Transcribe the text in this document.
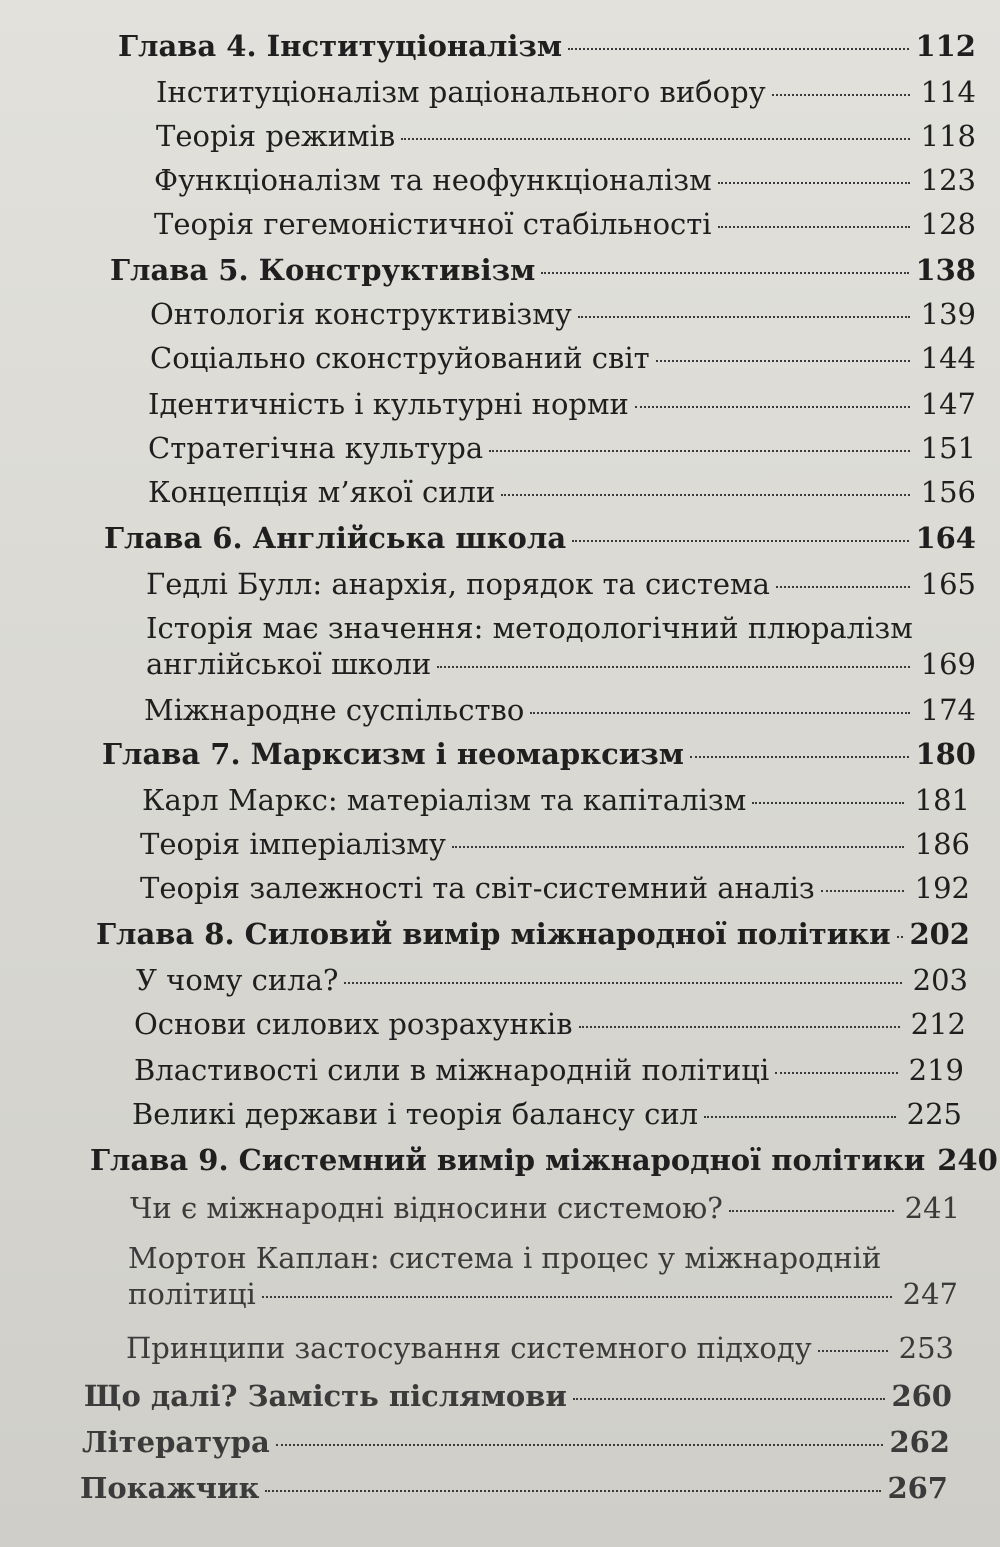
Глава 4. Інституціоналізм	112
Інституціоналізм раціонального вибору	114
Теорія режимів	118
Функціоналізм та неофункціоналізм	123
Теорія гегемоністичної стабільності	128
Глава 5. Конструктивізм	138
Онтологія конструктивізму	139
Соціально сконструйований світ	144
Ідентичність і культурні норми	147
Стратегічна культура	151
Концепція м’якої сили	156
Глава 6. Англійська школа	164
Гедлі Булл: анархія, порядок та система	165
Історія має значення: методологічний плюралізм
англійської школи	169
Міжнародне суспільство	174
Глава 7. Марксизм і неомарксизм	180
Карл Маркс: матеріалізм та капіталізм	181
Теорія імперіалізму	186
Теорія залежності та світ-системний аналіз	192
Глава 8. Силовий вимір міжнародної політики 202
У чому сила?	203
Основи силових розрахунків	212
Властивості сили в міжнародній політиці	219
Великі держави і теорія балансу сил	225
Глава 9. Системний вимір міжнародної політики 240
Чи є міжнародні відносини системою?	241
Мортон Каплан: система і процес у міжнародній
політиці	247
Принципи застосування системного підходу	253
Що далі? Замість післямови	260
Література	262
Покажчик	267
